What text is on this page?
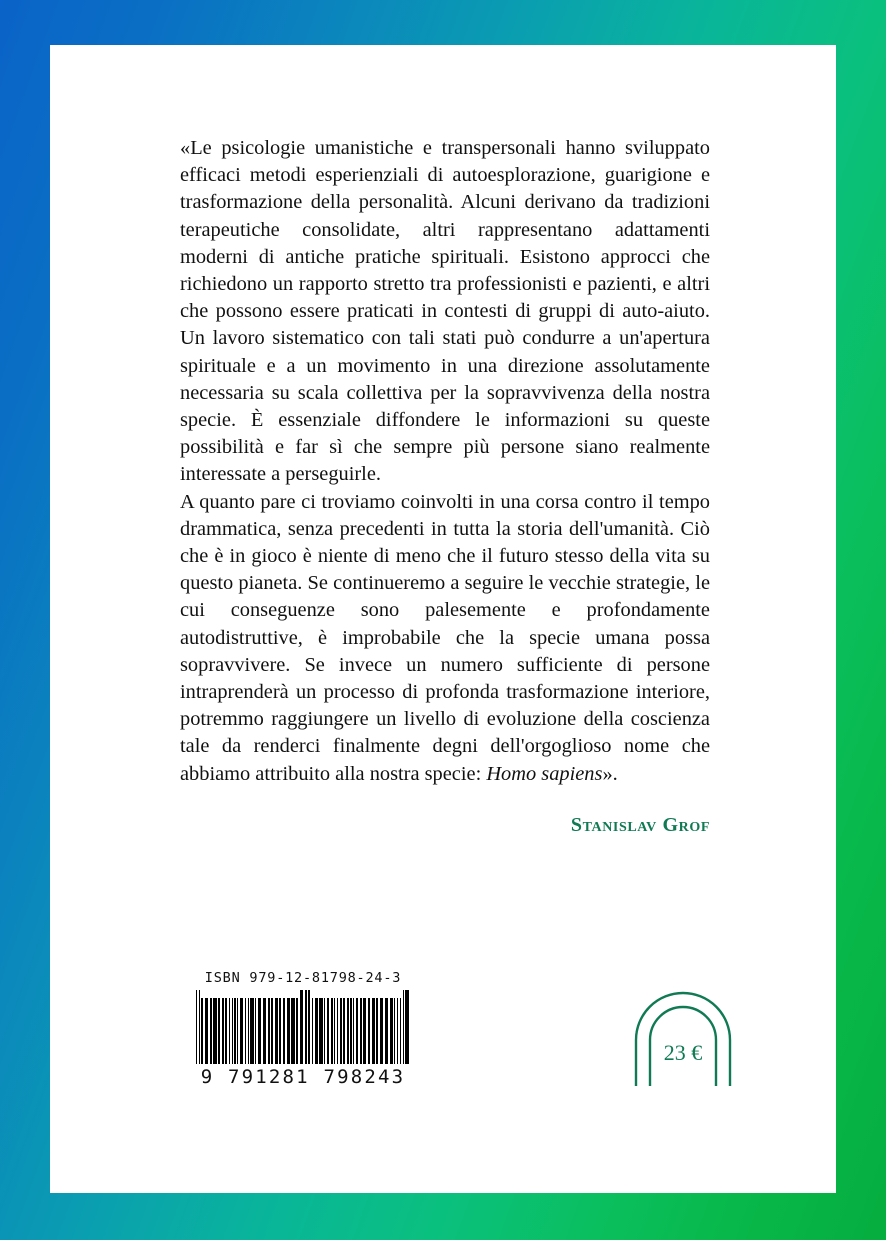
«Le psicologie umanistiche e transpersonali hanno sviluppato efficaci metodi esperienziali di autoesplorazione, guarigione e trasformazione della personalità. Alcuni derivano da tradizioni terapeutiche consolidate, altri rappresentano adattamenti moderni di antiche pratiche spirituali. Esistono approcci che richiedono un rapporto stretto tra professionisti e pazienti, e altri che possono essere praticati in contesti di gruppi di auto-aiuto. Un lavoro sistematico con tali stati può condurre a un'apertura spirituale e a un movimento in una direzione assolutamente necessaria su scala collettiva per la sopravvivenza della nostra specie. È essenziale diffondere le informazioni su queste possibilità e far sì che sempre più persone siano realmente interessate a perseguirle.

A quanto pare ci troviamo coinvolti in una corsa contro il tempo drammatica, senza precedenti in tutta la storia dell'umanità. Ciò che è in gioco è niente di meno che il futuro stesso della vita su questo pianeta. Se continueremo a seguire le vecchie strategie, le cui conseguenze sono palesemente e profondamente autodistruttive, è improbabile che la specie umana possa sopravvivere. Se invece un numero sufficiente di persone intraprenderà un processo di profonda trasformazione interiore, potremmo raggiungere un livello di evoluzione della coscienza tale da renderci finalmente degni dell'orgoglioso nome che abbiamo attribuito alla nostra specie: Homo sapiens».

Stanislav Grof
ISBN 979-12-81798-24-3
9 791281 798243
23 €
